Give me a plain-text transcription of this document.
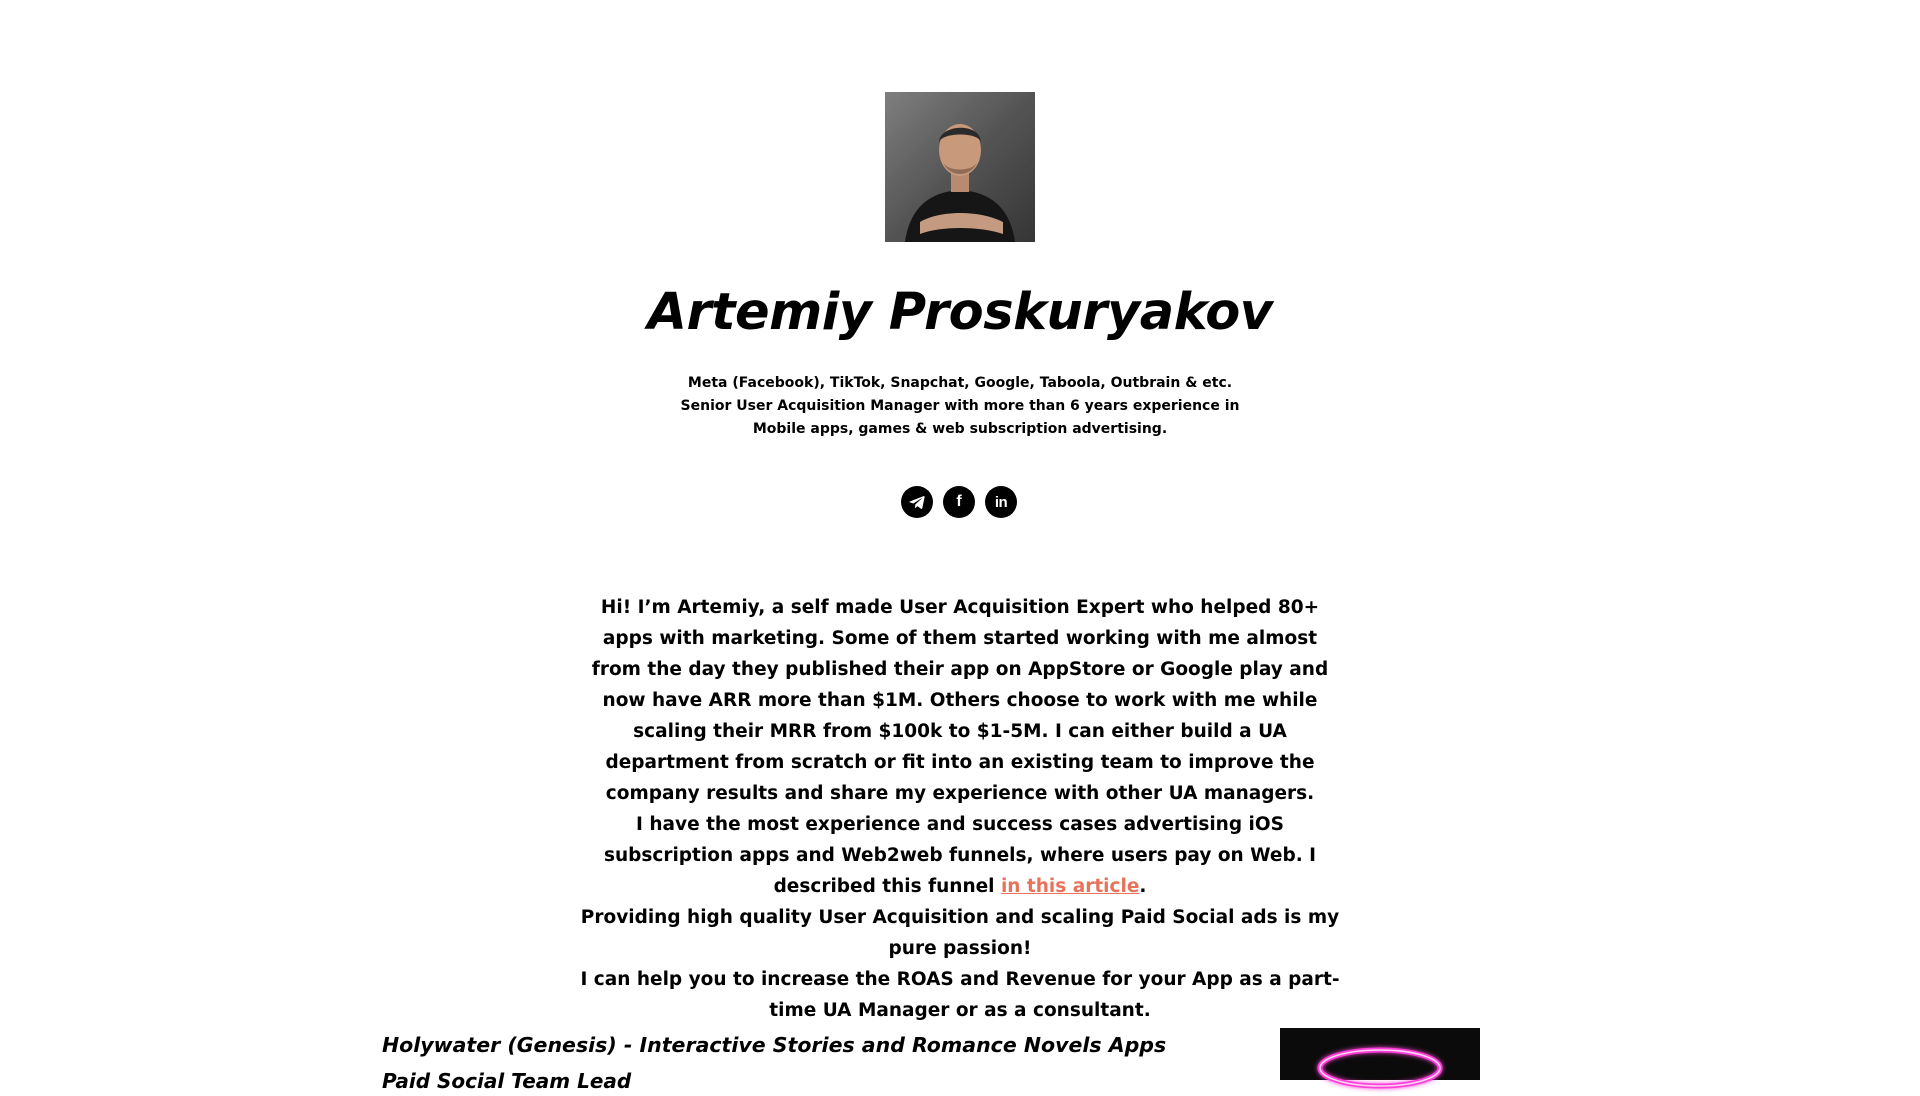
Artemiy Proskuryakov

Meta (Facebook), TikTok, Snapchat, Google, Taboola, Outbrain & etc. Senior User Acquisition Manager with more than 6 years experience in Mobile apps, games & web subscription advertising.

f in

Hi! I’m Artemiy, a self made User Acquisition Expert who helped 80+ apps with marketing. Some of them started working with me almost from the day they published their app on AppStore or Google play and now have ARR more than $1M. Others choose to work with me while scaling their MRR from $100k to $1-5M. I can either build a UA department from scratch or fit into an existing team to improve the company results and share my experience with other UA managers.

I have the most experience and success cases advertising iOS subscription apps and Web2web funnels, where users pay on Web. I described this funnel in this article.

Providing high quality User Acquisition and scaling Paid Social ads is my pure passion!

I can help you to increase the ROAS and Revenue for your App as a part-time UA Manager or as a consultant.

Holywater (Genesis) - Interactive Stories and Romance Novels Apps
Paid Social Team Lead
